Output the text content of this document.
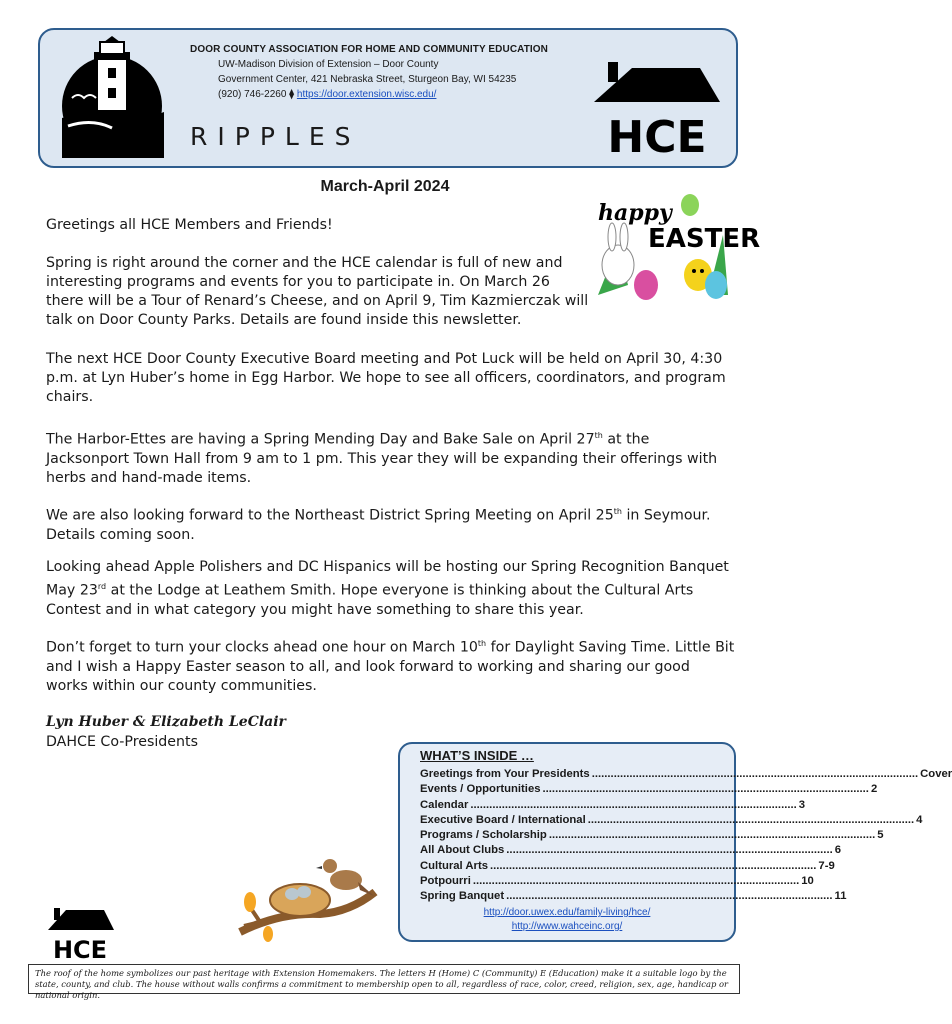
DOOR COUNTY ASSOCIATION FOR HOME AND COMMUNITY EDUCATION
UW-Madison Division of Extension – Door County
Government Center, 421 Nebraska Street, Sturgeon Bay, WI 54235
(920) 746-2260 ⧫ https://door.extension.wisc.edu/
RIPPLES	HCE
March-April 2024
happy
EASTER
Greetings all HCE Members and Friends!
Spring is right around the corner and the HCE calendar is full of new and interesting programs and events for you to participate in. On March 26 there will be a Tour of Renard’s Cheese, and on April 9, Tim Kazmierczak will talk on Door County Parks. Details are found inside this newsletter.
The next HCE Door County Executive Board meeting and Pot Luck will be held on April 30, 4:30 p.m. at Lyn Huber’s home in Egg Harbor. We hope to see all officers, coordinators, and program chairs.
The Harbor-Ettes are having a Spring Mending Day and Bake Sale on April 27th at the Jacksonport Town Hall from 9 am to 1 pm. This year they will be expanding their offerings with herbs and hand-made items.
We are also looking forward to the Northeast District Spring Meeting on April 25th in Seymour. Details coming soon.
Looking ahead Apple Polishers and DC Hispanics will be hosting our Spring Recognition Banquet May 23rd at the Lodge at Leathem Smith. Hope everyone is thinking about the Cultural Arts Contest and in what category you might have something to share this year.
Don’t forget to turn your clocks ahead one hour on March 10th for Daylight Saving Time. Little Bit and I wish a Happy Easter season to all, and look forward to working and sharing our good works within our county communities.
Lyn Huber & Elizabeth LeClair
DAHCE Co-Presidents
WHAT’S INSIDE …
Greetings from Your Presidents .....	Cover
Events / Opportunities .....	2
Calendar .....	3
Executive Board / International .....	4
Programs / Scholarship .....	5
All About Clubs .....	6
Cultural Arts .....	7-9
Potpourri .....	10
Spring Banquet .....	11
http://door.uwex.edu/family-living/hce/
http://www.wahceinc.org/
HCE
The roof of the home symbolizes our past heritage with Extension Homemakers. The letters H (Home) C (Community) E (Education) make it a suitable logo by the state, county, and club. The house without walls confirms a commitment to membership open to all, regardless of race, color, creed, religion, sex, age, handicap or national origin.
